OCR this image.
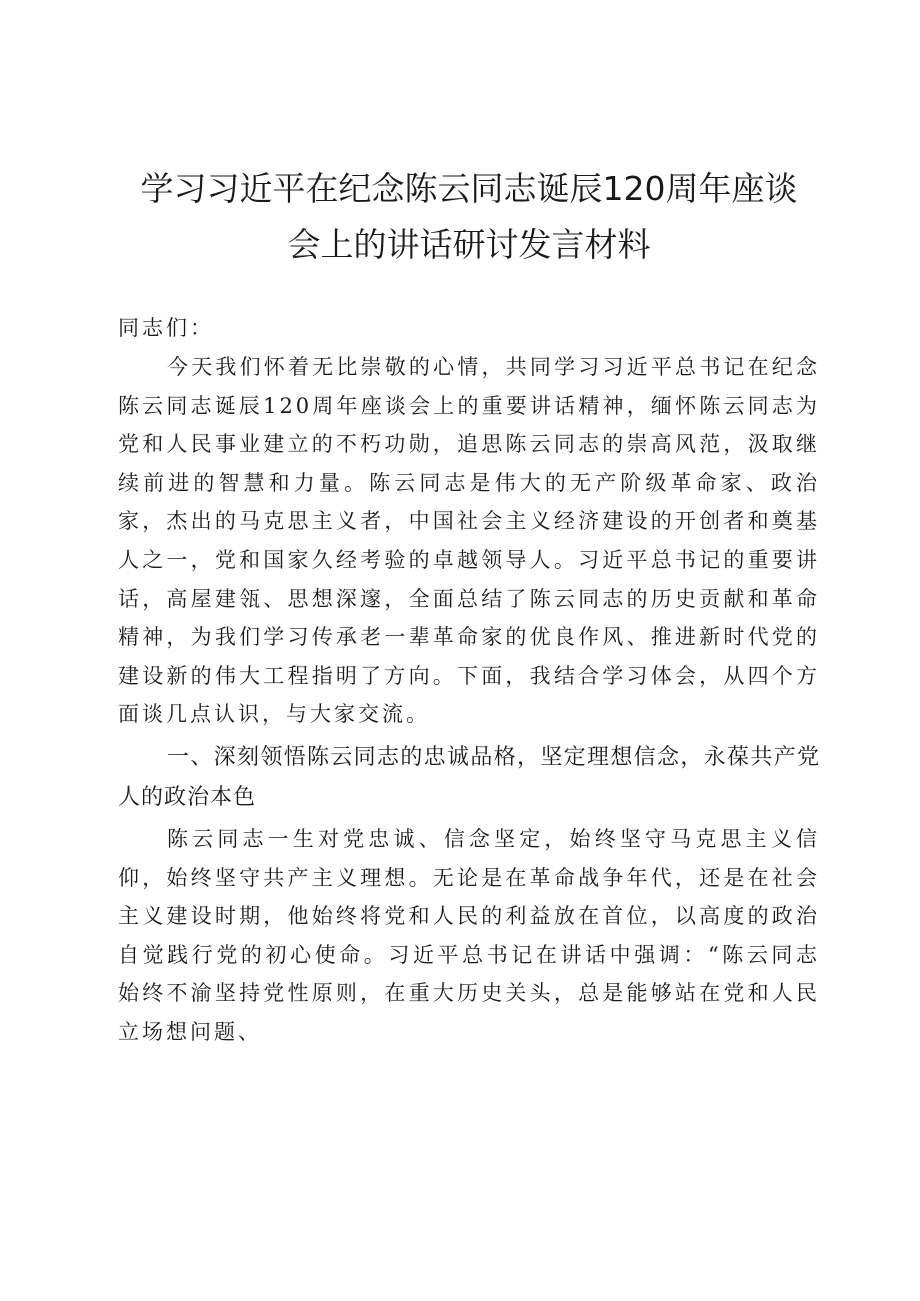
学习习近平在纪念陈云同志诞辰120周年座谈
会上的讲话研讨发言材料
同志们：

今天我们怀着无比崇敬的心情，共同学习习近平总书记在纪念陈云同志诞辰120周年座谈会上的重要讲话精神，缅怀陈云同志为党和人民事业建立的不朽功勋，追思陈云同志的崇高风范，汲取继续前进的智慧和力量。陈云同志是伟大的无产阶级革命家、政治家，杰出的马克思主义者，中国社会主义经济建设的开创者和奠基人之一，党和国家久经考验的卓越领导人。习近平总书记的重要讲话，高屋建瓴、思想深邃，全面总结了陈云同志的历史贡献和革命精神，为我们学习传承老一辈革命家的优良作风、推进新时代党的建设新的伟大工程指明了方向。下面，我结合学习体会，从四个方面谈几点认识，与大家交流。

一、深刻领悟陈云同志的忠诚品格，坚定理想信念，永葆共产党人的政治本色

陈云同志一生对党忠诚、信念坚定，始终坚守马克思主义信仰，始终坚守共产主义理想。无论是在革命战争年代，还是在社会主义建设时期，他始终将党和人民的利益放在首位，以高度的政治自觉践行党的初心使命。习近平总书记在讲话中强调：“陈云同志始终不渝坚持党性原则，在重大历史关头，总是能够站在党和人民立场想问题、
